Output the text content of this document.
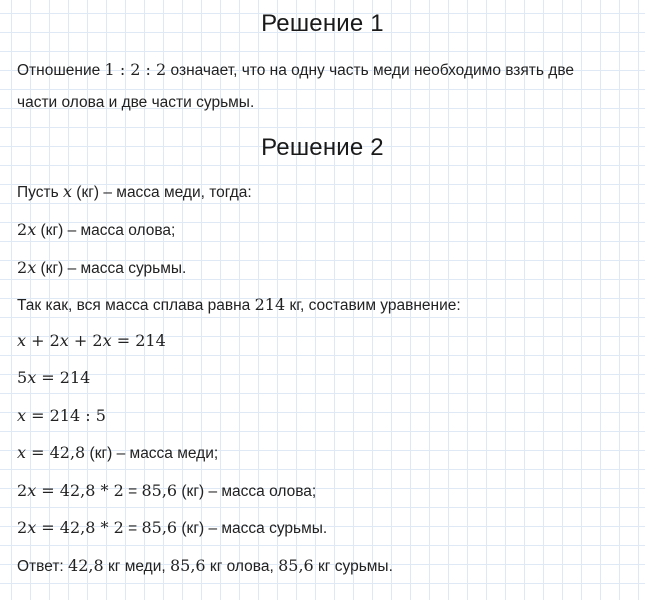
Решение 1
Отношение 1 : 2 : 2 означает, что на одну часть меди необходимо взять две
части олова и две части сурьмы.
Решение 2
Пусть x (кг) – масса меди, тогда:
2x (кг) – масса олова;
2x (кг) – масса сурьмы.
Так как, вся масса сплава равна 214 кг, составим уравнение:
x + 2x + 2x = 214
5x = 214
x = 214 : 5
x = 42,8 (кг) – масса меди;
2x = 42,8 * 2 = 85,6 (кг) – масса олова;
2x = 42,8 * 2 = 85,6 (кг) – масса сурьмы.
Ответ: 42,8 кг меди, 85,6 кг олова, 85,6 кг сурьмы.
